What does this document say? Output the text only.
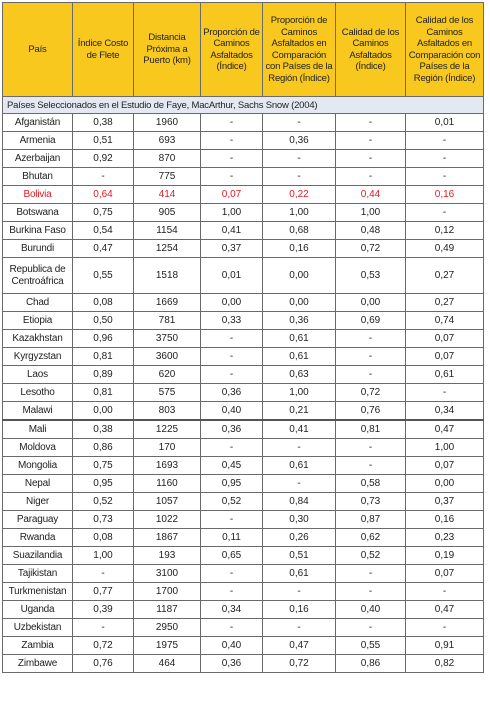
País	Índice Costo de Flete	Distancia Próxima a Puerto (km)	Proporción de Caminos Asfaltados (Índice)	Proporción de Caminos Asfaltados en Comparación con Países de la Región (Índice)	Calidad de los Caminos Asfaltados (Índice)	Calidad de los Caminos Asfaltados en Comparación con Países de la Región (Índice)
Países Seleccionados en el Estudio de Faye, MacArthur, Sachs Snow (2004)						
Afganistán	0,38	1960	-	-	-	0,01
Armenia	0,51	693	-	0,36	-	-
Azerbaijan	0,92	870	-	-	-	-
Bhutan	-	775	-	-	-	-
Bolivia	0,64	414	0,07	0,22	0,44	0,16
Botswana	0,75	905	1,00	1,00	1,00	-
Burkina Faso	0,54	1154	0,41	0,68	0,48	0,12
Burundi	0,47	1254	0,37	0,16	0,72	0,49
Republica de Centroáfrica	0,55	1518	0,01	0,00	0,53	0,27
Chad	0,08	1669	0,00	0,00	0,00	0,27
Etiopia	0,50	781	0,33	0,36	0,69	0,74
Kazakhstan	0,96	3750	-	0,61	-	0,07
Kyrgyzstan	0,81	3600	-	0,61	-	0,07
Laos	0,89	620	-	0,63	-	0,61
Lesotho	0,81	575	0,36	1,00	0,72	-
Malawi	0,00	803	0,40	0,21	0,76	0,34
Mali	0,38	1225	0,36	0,41	0,81	0,47
Moldova	0,86	170	-	-	-	1,00
Mongolia	0,75	1693	0,45	0,61	-	0,07
Nepal	0,95	1160	0,95	-	0,58	0,00
Niger	0,52	1057	0,52	0,84	0,73	0,37
Paraguay	0,73	1022	-	0,30	0,87	0,16
Rwanda	0,08	1867	0,11	0,26	0,62	0,23
Suazilandia	1,00	193	0,65	0,51	0,52	0,19
Tajikistan	-	3100	-	0,61	-	0,07
Turkmenistan	0,77	1700	-	-	-	-
Uganda	0,39	1187	0,34	0,16	0,40	0,47
Uzbekistan	-	2950	-	-	-	-
Zambia	0,72	1975	0,40	0,47	0,55	0,91
Zimbawe	0,76	464	0,36	0,72	0,86	0,82
